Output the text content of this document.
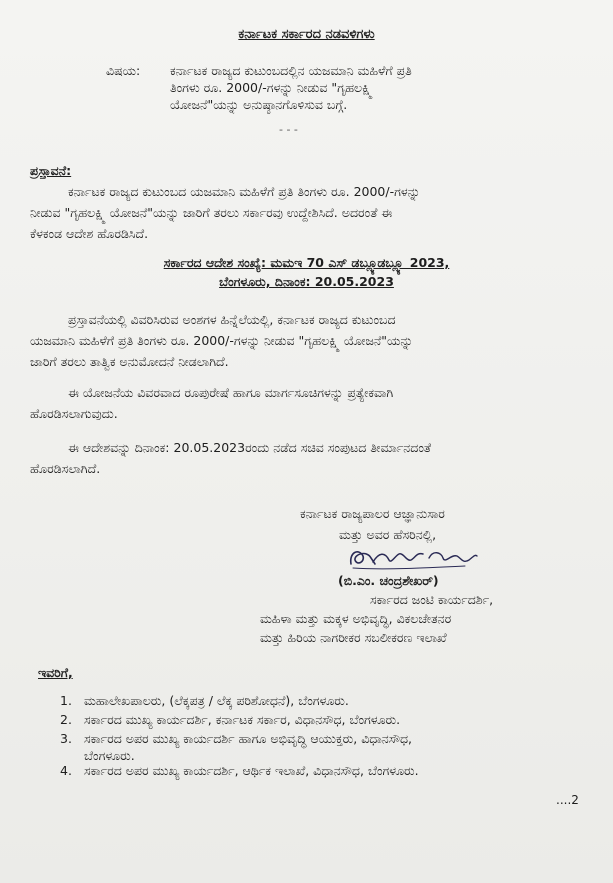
ಕರ್ನಾಟಕ ಸರ್ಕಾರದ ನಡವಳಿಗಳು
ವಿಷಯ: ಕರ್ನಾಟಕ ರಾಜ್ಯದ ಕುಟುಂಬದಲ್ಲಿನ ಯಜಮಾನಿ ಮಹಿಳೆಗೆ ಪ್ರತಿ
ತಿಂಗಳು ರೂ. 2000/-ಗಳನ್ನು ನೀಡುವ "ಗೃಹಲಕ್ಷ್ಮಿ
ಯೋಜನೆ"ಯನ್ನು ಅನುಷ್ಠಾನಗೊಳಿಸುವ ಬಗ್ಗೆ.
- - -
ಪ್ರಸ್ತಾವನೆ:
ಕರ್ನಾಟಕ ರಾಜ್ಯದ ಕುಟುಂಬದ ಯಜಮಾನಿ ಮಹಿಳೆಗೆ ಪ್ರತಿ ತಿಂಗಳು ರೂ. 2000/-ಗಳನ್ನು
ನೀಡುವ "ಗೃಹಲಕ್ಷ್ಮಿ ಯೋಜನೆ"ಯನ್ನು ಜಾರಿಗೆ ತರಲು ಸರ್ಕಾರವು ಉದ್ದೇಶಿಸಿದೆ. ಅದರಂತೆ ಈ
ಕೆಳಕಂಡ ಆದೇಶ ಹೊರಡಿಸಿದೆ.
ಸರ್ಕಾರದ ಆದೇಶ ಸಂಖ್ಯೆ: ಮಮಇ 70 ಎಸ್ ಡಬ್ಲ್ಯೂಡಬ್ಲ್ಯೂ 2023,
ಬೆಂಗಳೂರು, ದಿನಾಂಕ: 20.05.2023
ಪ್ರಸ್ತಾವನೆಯಲ್ಲಿ ವಿವರಿಸಿರುವ ಅಂಶಗಳ ಹಿನ್ನೆಲೆಯಲ್ಲಿ, ಕರ್ನಾಟಕ ರಾಜ್ಯದ ಕುಟುಂಬದ
ಯಜಮಾನಿ ಮಹಿಳೆಗೆ ಪ್ರತಿ ತಿಂಗಳು ರೂ. 2000/-ಗಳನ್ನು ನೀಡುವ "ಗೃಹಲಕ್ಷ್ಮಿ ಯೋಜನೆ"ಯನ್ನು
ಜಾರಿಗೆ ತರಲು ತಾತ್ವಿಕ ಅನುಮೋದನೆ ನೀಡಲಾಗಿದೆ.
ಈ ಯೋಜನೆಯ ವಿವರವಾದ ರೂಪುರೇಷೆ ಹಾಗೂ ಮಾರ್ಗಸೂಚಿಗಳನ್ನು ಪ್ರತ್ಯೇಕವಾಗಿ
ಹೊರಡಿಸಲಾಗುವುದು.
ಈ ಆದೇಶವನ್ನು ದಿನಾಂಕ: 20.05.2023ರಂದು ನಡೆದ ಸಚಿವ ಸಂಪುಟದ ತೀರ್ಮಾನದಂತೆ
ಹೊರಡಿಸಲಾಗಿದೆ.
ಕರ್ನಾಟಕ ರಾಜ್ಯಪಾಲರ ಆಜ್ಞಾನುಸಾರ
ಮತ್ತು ಅವರ ಹೆಸರಿನಲ್ಲಿ,
(ಬಿ.ಎಂ. ಚಂದ್ರಶೇಖರ್)
ಸರ್ಕಾರದ ಜಂಟಿ ಕಾರ್ಯದರ್ಶಿ,
ಮಹಿಳಾ ಮತ್ತು ಮಕ್ಕಳ ಅಭಿವೃದ್ಧಿ, ವಿಕಲಚೇತನರ
ಮತ್ತು ಹಿರಿಯ ನಾಗರೀಕರ ಸಬಲೀಕರಣ ಇಲಾಖೆ
ಇವರಿಗೆ,
1. ಮಹಾಲೇಖಪಾಲರು, (ಲೆಕ್ಕಪತ್ರ / ಲೆಕ್ಕ ಪರಿಶೋಧನೆ), ಬೆಂಗಳೂರು.
2. ಸರ್ಕಾರದ ಮುಖ್ಯ ಕಾರ್ಯದರ್ಶಿ, ಕರ್ನಾಟಕ ಸರ್ಕಾರ, ವಿಧಾನಸೌಧ, ಬೆಂಗಳೂರು.
3. ಸರ್ಕಾರದ ಅಪರ ಮುಖ್ಯ ಕಾರ್ಯದರ್ಶಿ ಹಾಗೂ ಅಭಿವೃದ್ಧಿ ಆಯುಕ್ತರು, ವಿಧಾನಸೌಧ,
ಬೆಂಗಳೂರು.
4. ಸರ್ಕಾರದ ಅಪರ ಮುಖ್ಯ ಕಾರ್ಯದರ್ಶಿ, ಆರ್ಥಿಕ ಇಲಾಖೆ, ವಿಧಾನಸೌಧ, ಬೆಂಗಳೂರು.
....2
